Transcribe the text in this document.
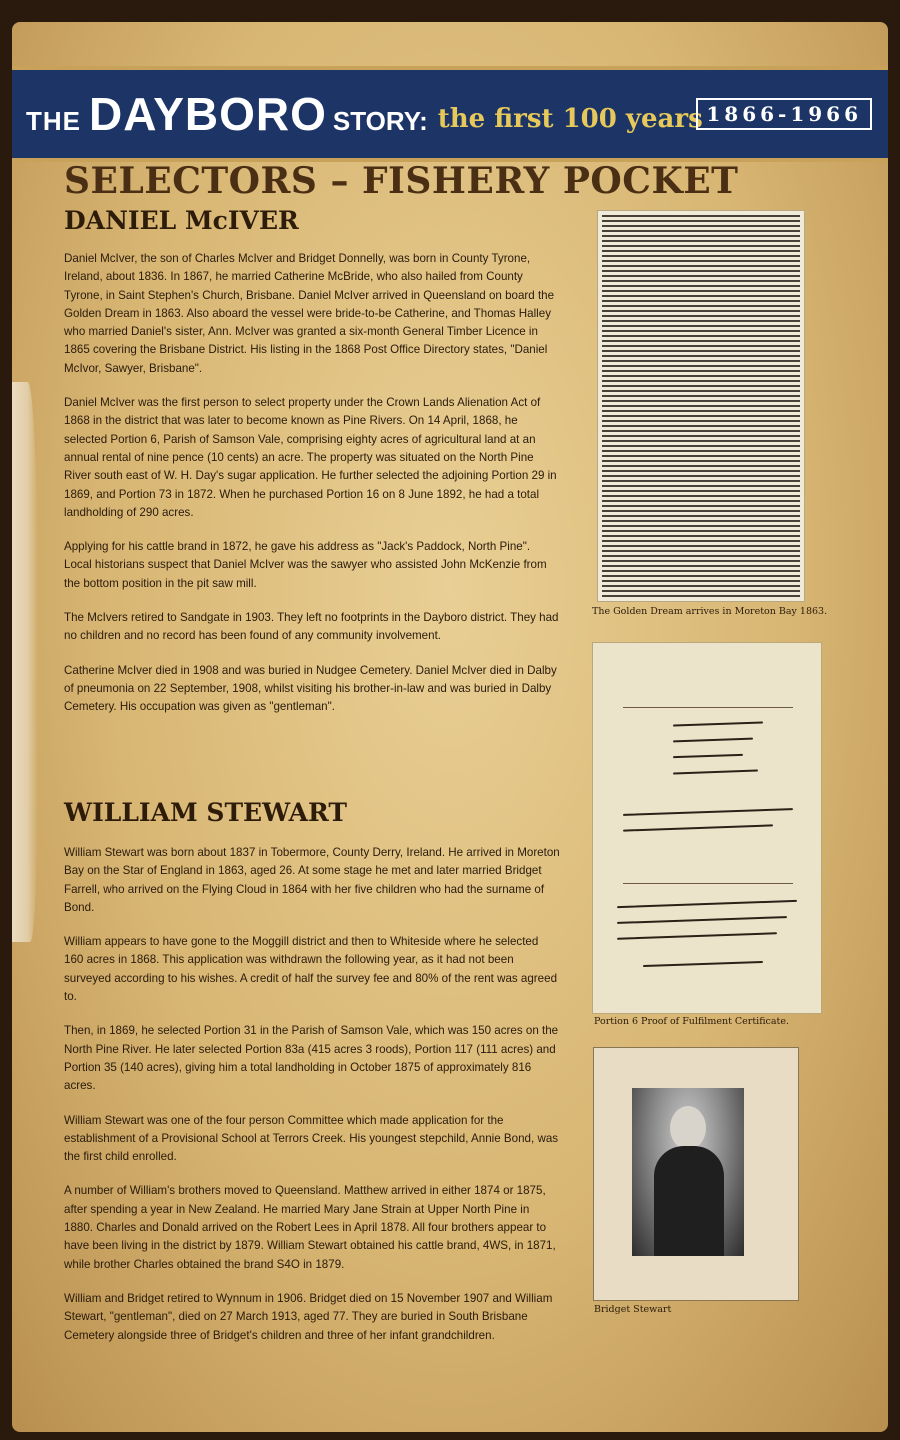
THE DAYBORO STORY: the first 100 years 1866-1966
SELECTORS – FISHERY POCKET
DANIEL McIVER

Daniel McIver, the son of Charles McIver and Bridget Donnelly, was born in County Tyrone, Ireland, about 1836. In 1867, he married Catherine McBride, who also hailed from County Tyrone, in Saint Stephen's Church, Brisbane. Daniel McIver arrived in Queensland on board the Golden Dream in 1863. Also aboard the vessel were bride-to-be Catherine, and Thomas Halley who married Daniel's sister, Ann. McIver was granted a six-month General Timber Licence in 1865 covering the Brisbane District. His listing in the 1868 Post Office Directory states, "Daniel McIvor, Sawyer, Brisbane".

Daniel McIver was the first person to select property under the Crown Lands Alienation Act of 1868 in the district that was later to become known as Pine Rivers. On 14 April, 1868, he selected Portion 6, Parish of Samson Vale, comprising eighty acres of agricultural land at an annual rental of nine pence (10 cents) an acre. The property was situated on the North Pine River south east of W. H. Day's sugar application. He further selected the adjoining Portion 29 in 1869, and Portion 73 in 1872. When he purchased Portion 16 on 8 June 1892, he had a total landholding of 290 acres.

Applying for his cattle brand in 1872, he gave his address as "Jack's Paddock, North Pine". Local historians suspect that Daniel McIver was the sawyer who assisted John McKenzie from the bottom position in the pit saw mill.

The McIvers retired to Sandgate in 1903. They left no footprints in the Dayboro district. They had no children and no record has been found of any community involvement.

Catherine McIver died in 1908 and was buried in Nudgee Cemetery. Daniel McIver died in Dalby of pneumonia on 22 September, 1908, whilst visiting his brother-in-law and was buried in Dalby Cemetery. His occupation was given as "gentleman".

WILLIAM STEWART

William Stewart was born about 1837 in Tobermore, County Derry, Ireland. He arrived in Moreton Bay on the Star of England in 1863, aged 26. At some stage he met and later married Bridget Farrell, who arrived on the Flying Cloud in 1864 with her five children who had the surname of Bond.

William appears to have gone to the Moggill district and then to Whiteside where he selected 160 acres in 1868. This application was withdrawn the following year, as it had not been surveyed according to his wishes. A credit of half the survey fee and 80% of the rent was agreed to.

Then, in 1869, he selected Portion 31 in the Parish of Samson Vale, which was 150 acres on the North Pine River. He later selected Portion 83a (415 acres 3 roods), Portion 117 (111 acres) and Portion 35 (140 acres), giving him a total landholding in October 1875 of approximately 816 acres.

William Stewart was one of the four person Committee which made application for the establishment of a Provisional School at Terrors Creek. His youngest stepchild, Annie Bond, was the first child enrolled.

A number of William's brothers moved to Queensland. Matthew arrived in either 1874 or 1875, after spending a year in New Zealand. He married Mary Jane Strain at Upper North Pine in 1880. Charles and Donald arrived on the Robert Lees in April 1878. All four brothers appear to have been living in the district by 1879. William Stewart obtained his cattle brand, 4WS, in 1871, while brother Charles obtained the brand S4O in 1879.

William and Bridget retired to Wynnum in 1906. Bridget died on 15 November 1907 and William Stewart, "gentleman", died on 27 March 1913, aged 77. They are buried in South Brisbane Cemetery alongside three of Bridget's children and three of her infant grandchildren.

The Golden Dream arrives in Moreton Bay 1863.

Portion 6 Proof of Fulfilment Certificate.
Bridget Stewart
